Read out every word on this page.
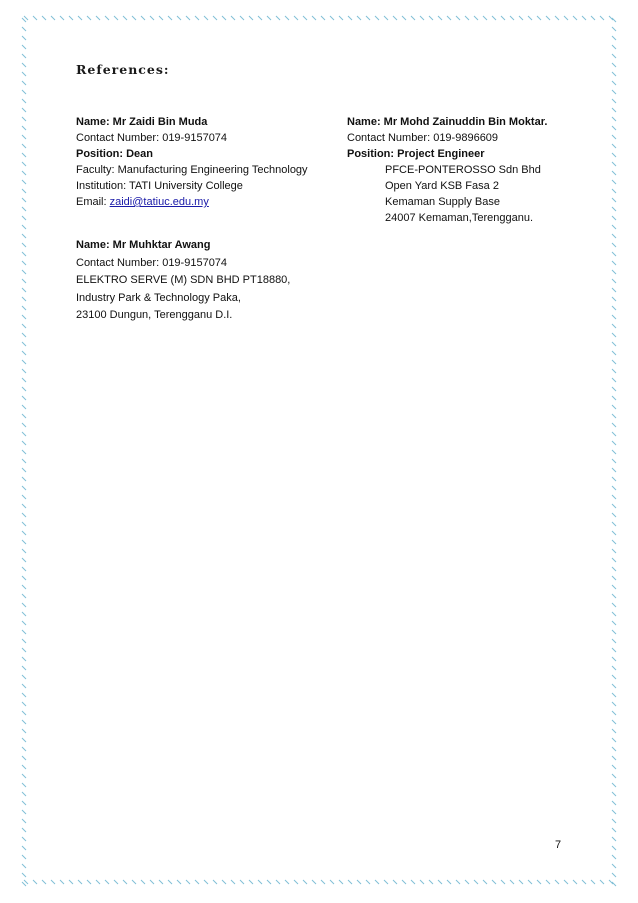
References:
Name: Mr Zaidi Bin Muda
Contact Number: 019-9157074
Position: Dean
Faculty: Manufacturing Engineering Technology
Institution: TATI University College
Email: zaidi@tatiuc.edu.my
Name: Mr Mohd Zainuddin Bin Moktar.
Contact Number: 019-9896609
Position: Project Engineer
PFCE-PONTEROSSO Sdn Bhd
Open Yard KSB Fasa 2
Kemaman Supply Base
24007 Kemaman,Terengganu.
Name: Mr Muhktar Awang
Contact Number: 019-9157074
ELEKTRO SERVE (M) SDN BHD PT18880,
Industry Park & Technology Paka,
23100 Dungun, Terengganu D.I.
7
